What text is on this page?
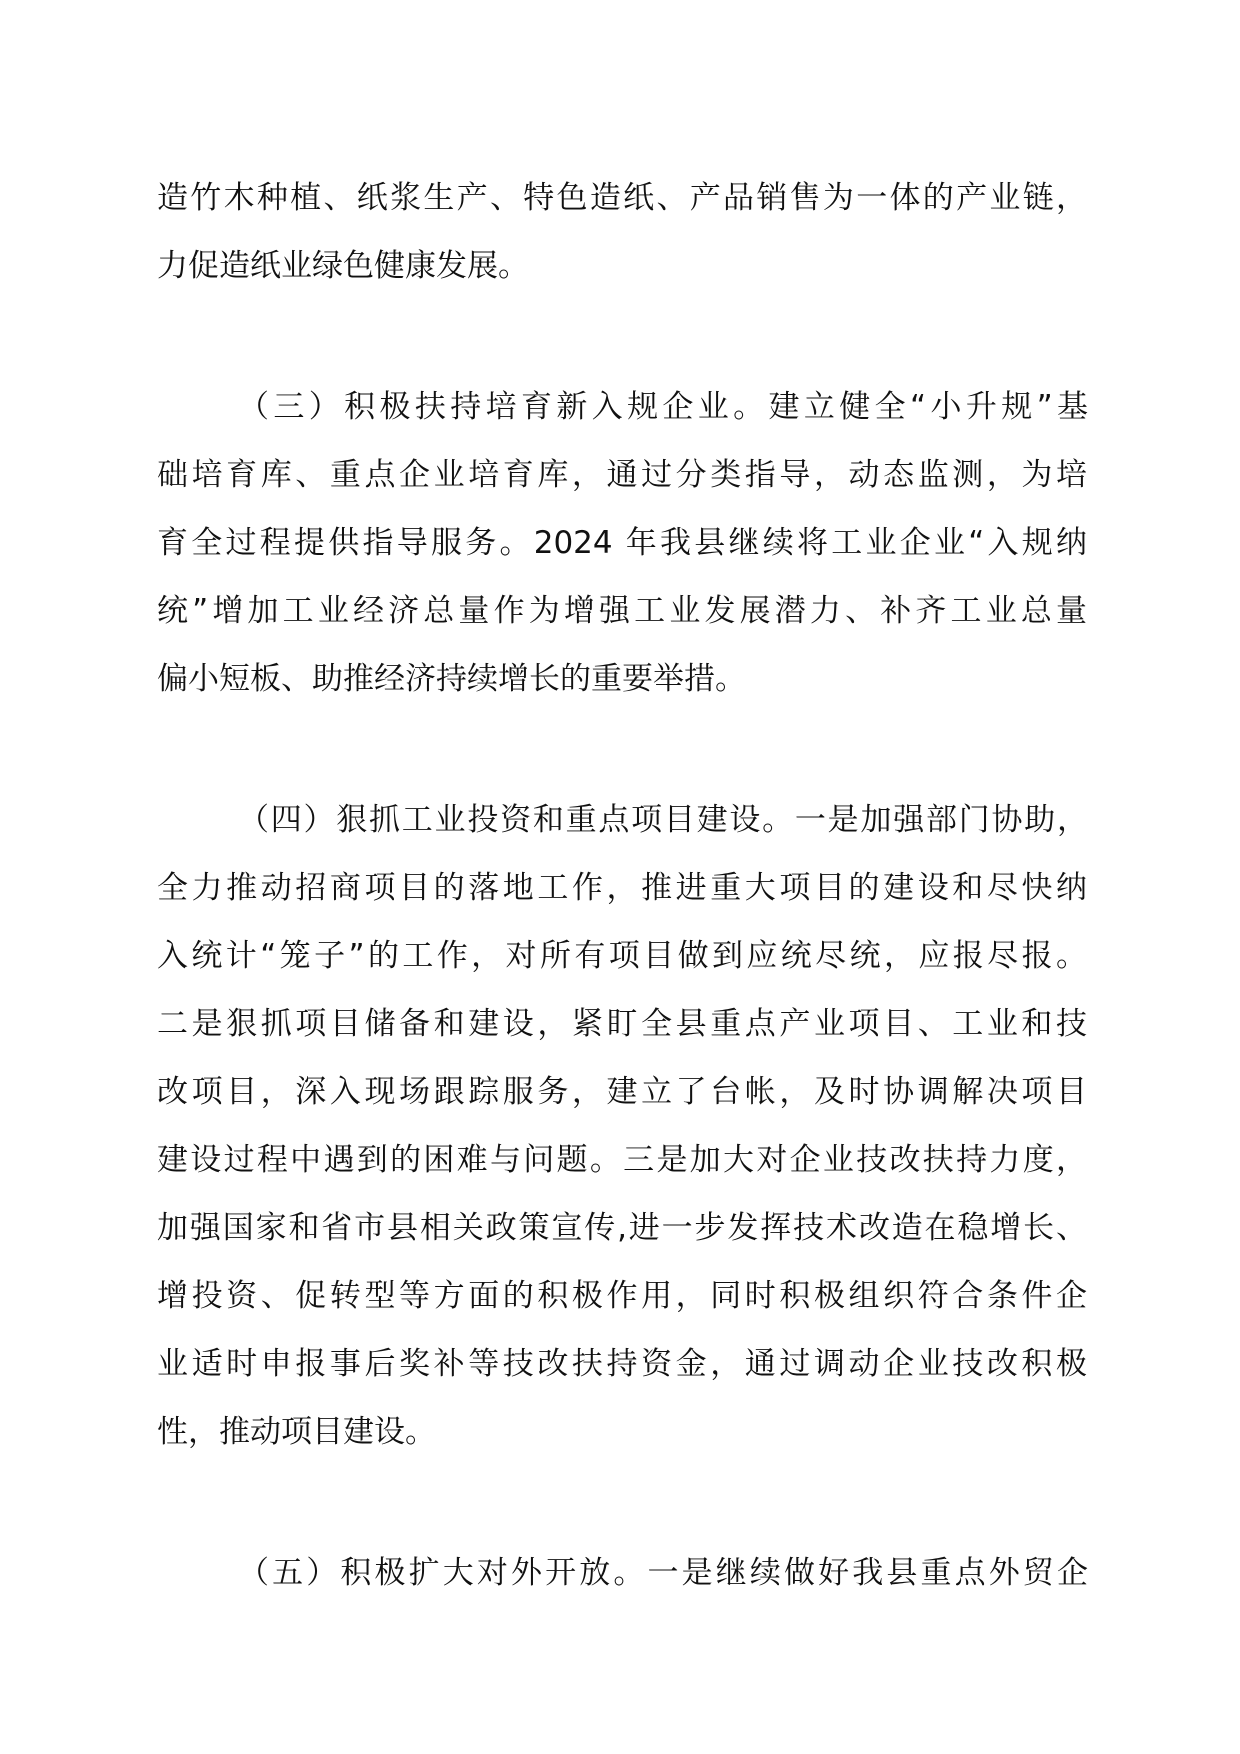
造竹木种植、纸浆生产、特色造纸、产品销售为一体的产业链，
力促造纸业绿色健康发展。
（三）积极扶持培育新入规企业。建立健全“小升规”基
础培育库、重点企业培育库，通过分类指导，动态监测，为培
育全过程提供指导服务。2024 年我县继续将工业企业“入规纳
统”增加工业经济总量作为增强工业发展潜力、补齐工业总量
偏小短板、助推经济持续增长的重要举措。
（四）狠抓工业投资和重点项目建设。一是加强部门协助，
全力推动招商项目的落地工作，推进重大项目的建设和尽快纳
入统计“笼子”的工作，对所有项目做到应统尽统，应报尽报。
二是狠抓项目储备和建设，紧盯全县重点产业项目、工业和技
改项目，深入现场跟踪服务，建立了台帐，及时协调解决项目
建设过程中遇到的困难与问题。三是加大对企业技改扶持力度，
加强国家和省市县相关政策宣传,进一步发挥技术改造在稳增长、
增投资、促转型等方面的积极作用，同时积极组织符合条件企
业适时申报事后奖补等技改扶持资金，通过调动企业技改积极
性，推动项目建设。
（五）积极扩大对外开放。一是继续做好我县重点外贸企
